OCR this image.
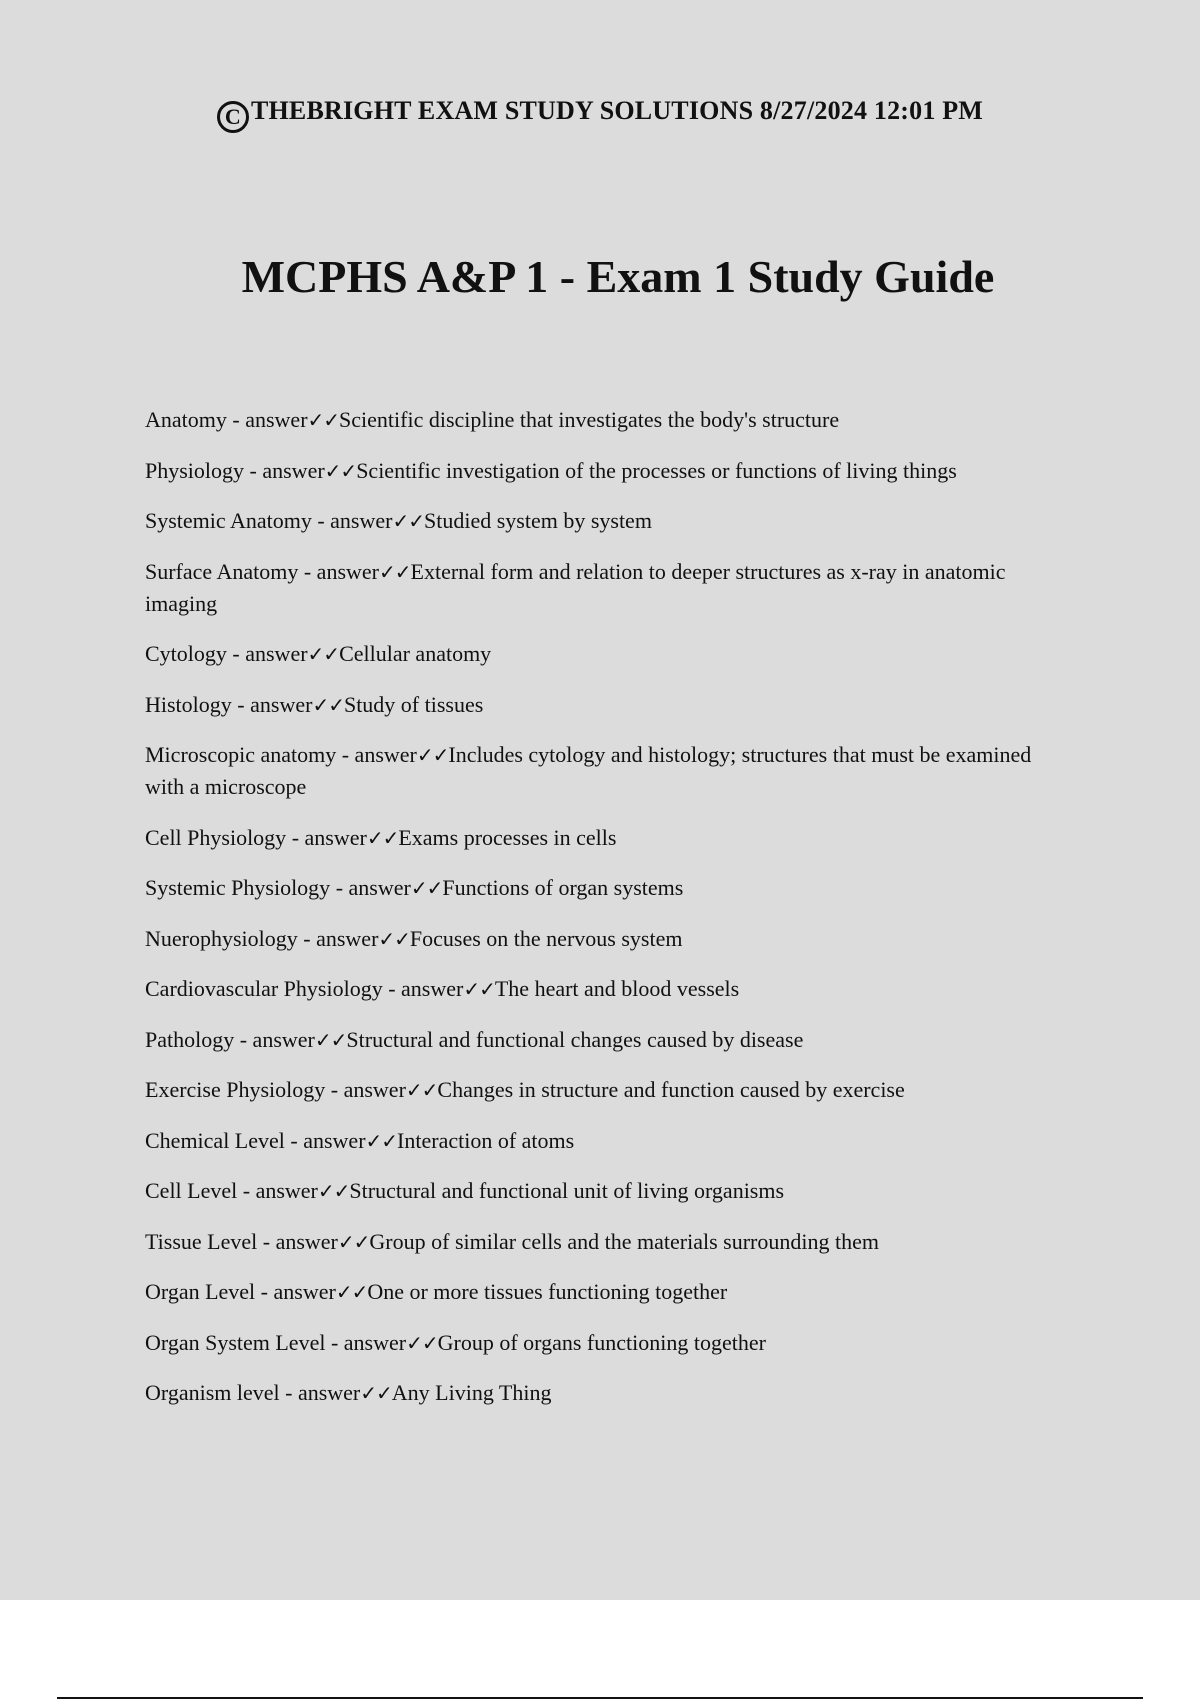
C THEBRIGHT EXAM STUDY SOLUTIONS 8/27/2024 12:01 PM
MCPHS A&P 1 - Exam 1 Study Guide
Anatomy - answer✓✓Scientific discipline that investigates the body's structure
Physiology - answer✓✓Scientific investigation of the processes or functions of living things
Systemic Anatomy - answer✓✓Studied system by system
Surface Anatomy - answer✓✓External form and relation to deeper structures as x-ray in anatomic imaging
Cytology - answer✓✓Cellular anatomy
Histology - answer✓✓Study of tissues
Microscopic anatomy - answer✓✓Includes cytology and histology; structures that must be examined with a microscope
Cell Physiology - answer✓✓Exams processes in cells
Systemic Physiology - answer✓✓Functions of organ systems
Nuerophysiology - answer✓✓Focuses on the nervous system
Cardiovascular Physiology - answer✓✓The heart and blood vessels
Pathology - answer✓✓Structural and functional changes caused by disease
Exercise Physiology - answer✓✓Changes in structure and function caused by exercise
Chemical Level - answer✓✓Interaction of atoms
Cell Level - answer✓✓Structural and functional unit of living organisms
Tissue Level - answer✓✓Group of similar cells and the materials surrounding them
Organ Level - answer✓✓One or more tissues functioning together
Organ System Level - answer✓✓Group of organs functioning together
Organism level - answer✓✓Any Living Thing
